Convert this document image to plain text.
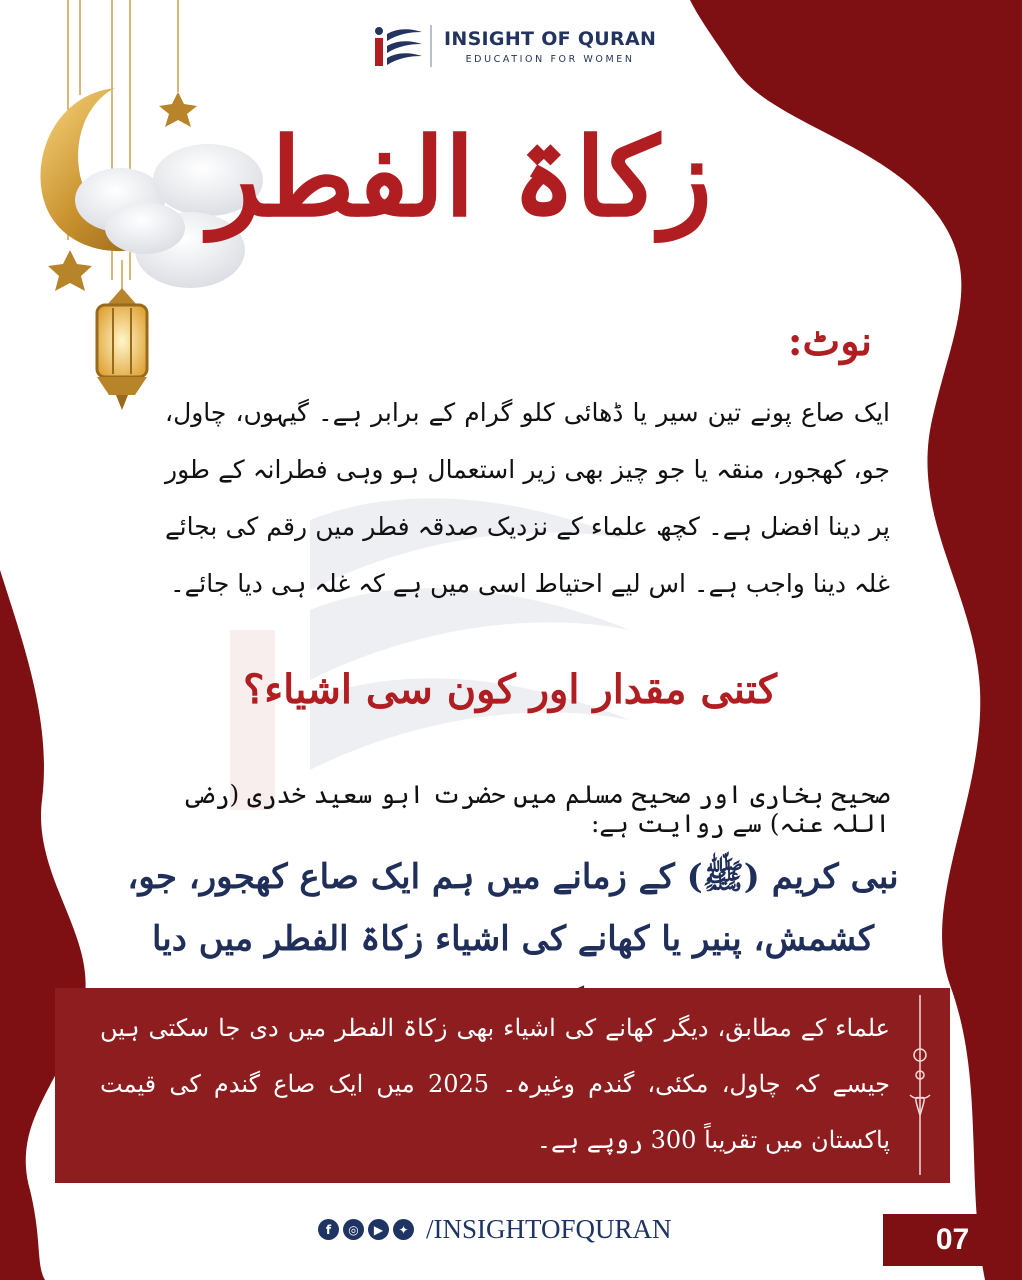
INSIGHT OF QURAN
EDUCATION FOR WOMEN
زکاۃ الفطر
نوٹ:

ایک صاع پونے تین سیر یا ڈھائی کلو گرام کے برابر ہے۔ گیہوں، چاول، جو، کھجور، منقہ یا جو چیز بھی زیر استعمال ہو وہی فطرانہ کے طور پر دینا افضل ہے۔ کچھ علماء کے نزدیک صدقہ فطر میں رقم کی بجائے غلہ دینا واجب ہے۔ اس لیے احتیاط اسی میں ہے کہ غلہ ہی دیا جائے۔

کتنی مقدار اور کون سی اشیاء؟
صحیح بخاری اور صحیح مسلم میں حضرت ابو سعید خدری (رضی اللہ عنہ) سے روایت ہے:

نبی کریم (ﷺ) کے زمانے میں ہم ایک صاع کھجور، جو، کشمش، پنیر یا کھانے کی اشیاء زکاۃ الفطر میں دیا

علماء کے مطابق، دیگر کھانے کی اشیاء بھی زکاۃ الفطر میں دی جا سکتی ہیں جیسے کہ چاول، مکئی، گندم وغیرہ۔ 2025 میں ایک صاع گندم کی قیمت پاکستان میں تقریباً 300 روپے ہے۔

f	◎	▶	✦ /INSIGHTOFQURAN	07
